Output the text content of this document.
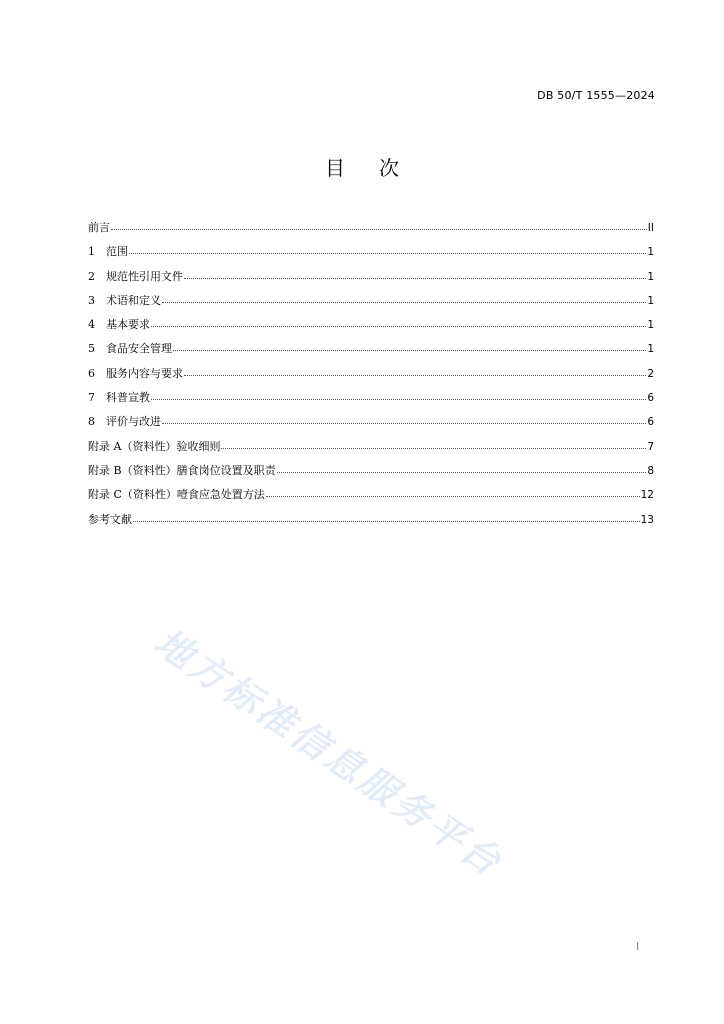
DB 50/T 1555—2024
目次
前言	II
1 范围	1
2 规范性引用文件	1
3 术语和定义	1
4 基本要求	1
5 食品安全管理	1
6 服务内容与要求	2
7 科普宣教	6
8 评价与改进	6
附录 A（资料性）验收细则	7
附录 B（资料性）膳食岗位设置及职责	8
附录 C（资料性）噎食应急处置方法	12
参考文献	13
地方标准信息服务平台
I
